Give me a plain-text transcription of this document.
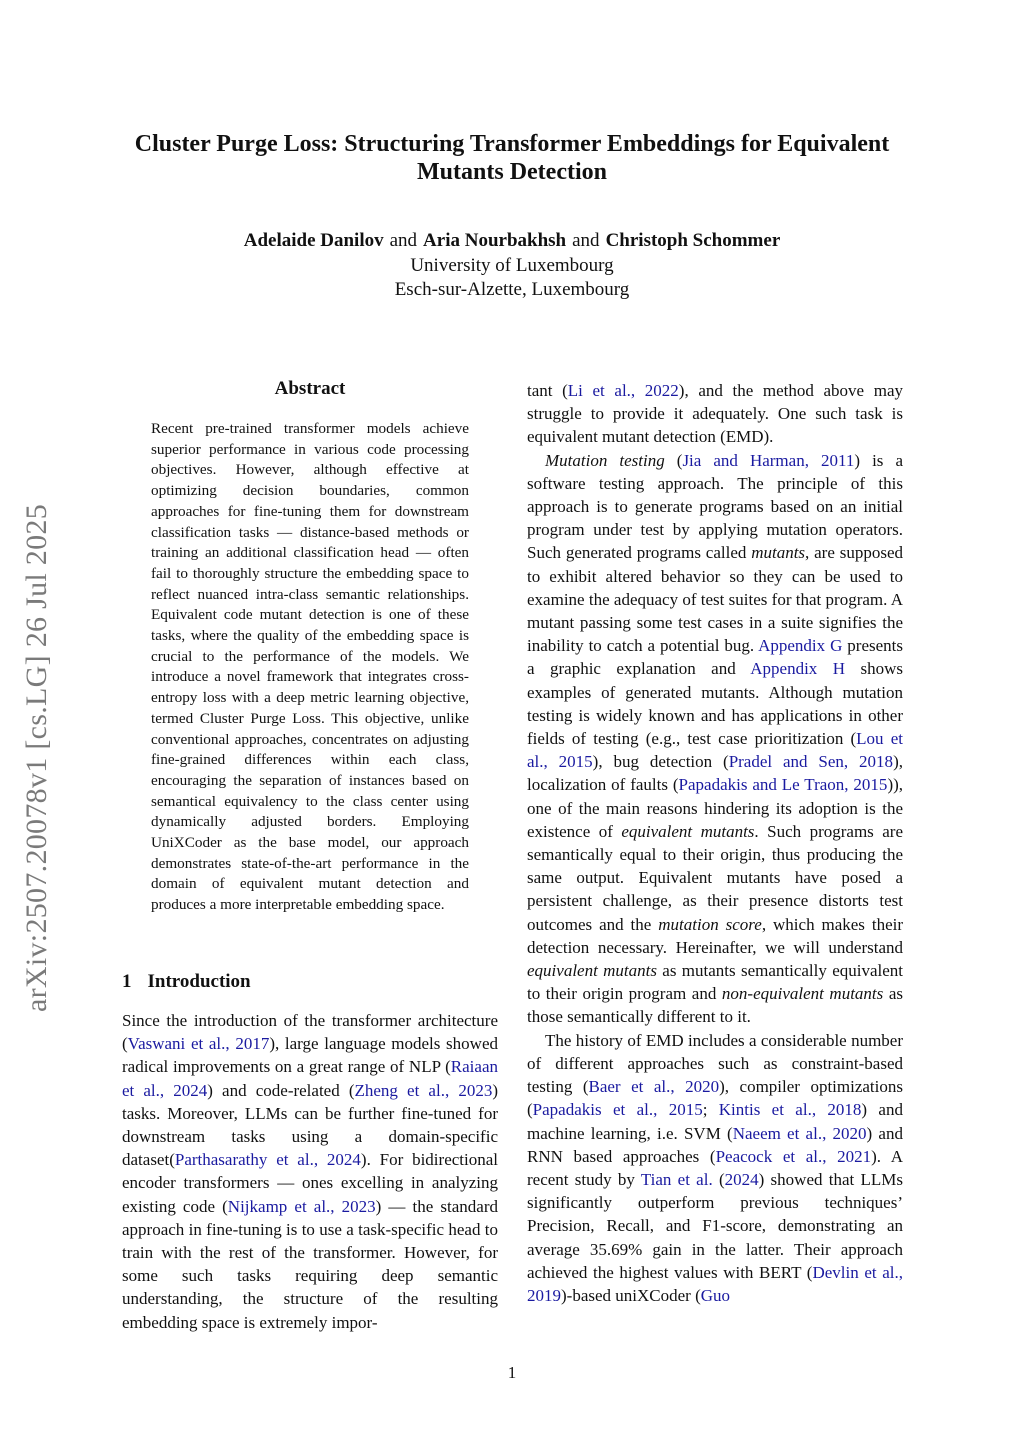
arXiv:2507.20078v1 [cs.LG] 26 Jul 2025
Cluster Purge Loss: Structuring Transformer Embeddings for Equivalent Mutants Detection
Adelaide Danilov and Aria Nourbakhsh and Christoph Schommer
University of Luxembourg
Esch-sur-Alzette, Luxembourg
Abstract
Recent pre-trained transformer models achieve superior performance in various code processing objectives. However, although effective at optimizing decision boundaries, common approaches for fine-tuning them for downstream classification tasks — distance-based methods or training an additional classification head — often fail to thoroughly structure the embedding space to reflect nuanced intra-class semantic relationships. Equivalent code mutant detection is one of these tasks, where the quality of the embedding space is crucial to the performance of the models. We introduce a novel framework that integrates cross-entropy loss with a deep metric learning objective, termed Cluster Purge Loss. This objective, unlike conventional approaches, concentrates on adjusting fine-grained differences within each class, encouraging the separation of instances based on semantical equivalency to the class center using dynamically adjusted borders. Employing UniXCoder as the base model, our approach demonstrates state-of-the-art performance in the domain of equivalent mutant detection and produces a more interpretable embedding space.
1 Introduction

Since the introduction of the transformer architecture (Vaswani et al., 2017), large language models showed radical improvements on a great range of NLP (Raiaan et al., 2024) and code-related (Zheng et al., 2023) tasks. Moreover, LLMs can be further fine-tuned for downstream tasks using a domain-specific dataset(Parthasarathy et al., 2024). For bidirectional encoder transformers — ones excelling in analyzing existing code (Nijkamp et al., 2023) — the standard approach in fine-tuning is to use a task-specific head to train with the rest of the transformer. However, for some such tasks requiring deep semantic understanding, the structure of the resulting embedding space is extremely impor-

tant (Li et al., 2022), and the method above may struggle to provide it adequately. One such task is equivalent mutant detection (EMD).

Mutation testing (Jia and Harman, 2011) is a software testing approach. The principle of this approach is to generate programs based on an initial program under test by applying mutation operators. Such generated programs called mutants, are supposed to exhibit altered behavior so they can be used to examine the adequacy of test suites for that program. A mutant passing some test cases in a suite signifies the inability to catch a potential bug. Appendix G presents a graphic explanation and Appendix H shows examples of generated mutants. Although mutation testing is widely known and has applications in other fields of testing (e.g., test case prioritization (Lou et al., 2015), bug detection (Pradel and Sen, 2018), localization of faults (Papadakis and Le Traon, 2015)), one of the main reasons hindering its adoption is the existence of equivalent mutants. Such programs are semantically equal to their origin, thus producing the same output. Equivalent mutants have posed a persistent challenge, as their presence distorts test outcomes and the mutation score, which makes their detection necessary. Hereinafter, we will understand equivalent mutants as mutants semantically equivalent to their origin program and non-equivalent mutants as those semantically different to it.

The history of EMD includes a considerable number of different approaches such as constraint-based testing (Baer et al., 2020), compiler optimizations (Papadakis et al., 2015; Kintis et al., 2018) and machine learning, i.e. SVM (Naeem et al., 2020) and RNN based approaches (Peacock et al., 2021). A recent study by Tian et al. (2024) showed that LLMs significantly outperform previous techniques’ Precision, Recall, and F1-score, demonstrating an average 35.69% gain in the latter. Their approach achieved the highest values with BERT (Devlin et al., 2019)-based uniXCoder (Guo

1
